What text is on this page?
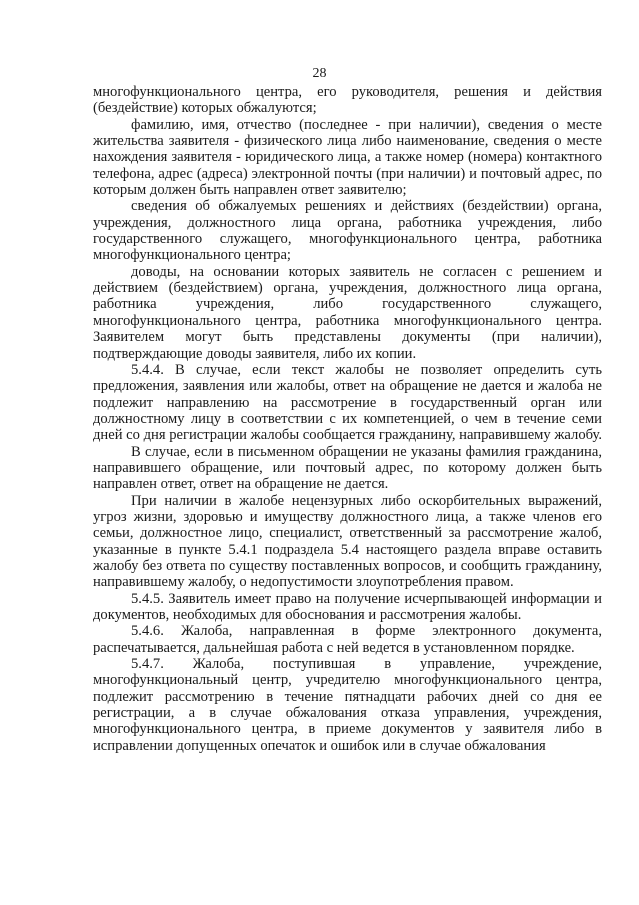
28

многофункционального центра, его руководителя, решения и действия (бездействие) которых обжалуются;

фамилию, имя, отчество (последнее - при наличии), сведения о месте жительства заявителя - физического лица либо наименование, сведения о месте нахождения заявителя - юридического лица, а также номер (номера) контактного телефона, адрес (адреса) электронной почты (при наличии) и почтовый адрес, по которым должен быть направлен ответ заявителю;

сведения об обжалуемых решениях и действиях (бездействии) органа, учреждения, должностного лица органа, работника учреждения, либо государственного служащего, многофункционального центра, работника многофункционального центра;

доводы, на основании которых заявитель не согласен с решением и действием (бездействием) органа, учреждения, должностного лица органа, работника учреждения, либо государственного служащего, многофункционального центра, работника многофункционального центра. Заявителем могут быть представлены документы (при наличии), подтверждающие доводы заявителя, либо их копии.

5.4.4. В случае, если текст жалобы не позволяет определить суть предложения, заявления или жалобы, ответ на обращение не дается и жалоба не подлежит направлению на рассмотрение в государственный орган или должностному лицу в соответствии с их компетенцией, о чем в течение семи дней со дня регистрации жалобы сообщается гражданину, направившему жалобу.

В случае, если в письменном обращении не указаны фамилия гражданина, направившего обращение, или почтовый адрес, по которому должен быть направлен ответ, ответ на обращение не дается.

При наличии в жалобе нецензурных либо оскорбительных выражений, угроз жизни, здоровью и имуществу должностного лица, а также членов его семьи, должностное лицо, специалист, ответственный за рассмотрение жалоб, указанные в пункте 5.4.1 подраздела 5.4 настоящего раздела вправе оставить жалобу без ответа по существу поставленных вопросов, и сообщить гражданину, направившему жалобу, о недопустимости злоупотребления правом.

5.4.5. Заявитель имеет право на получение исчерпывающей информации и документов, необходимых для обоснования и рассмотрения жалобы.

5.4.6. Жалоба, направленная в форме электронного документа, распечатывается, дальнейшая работа с ней ведется в установленном порядке.

5.4.7. Жалоба, поступившая в управление, учреждение, многофункциональный центр, учредителю многофункционального центра, подлежит рассмотрению в течение пятнадцати рабочих дней со дня ее регистрации, а в случае обжалования отказа управления, учреждения, многофункционального центра, в приеме документов у заявителя либо в исправлении допущенных опечаток и ошибок или в случае обжалования
